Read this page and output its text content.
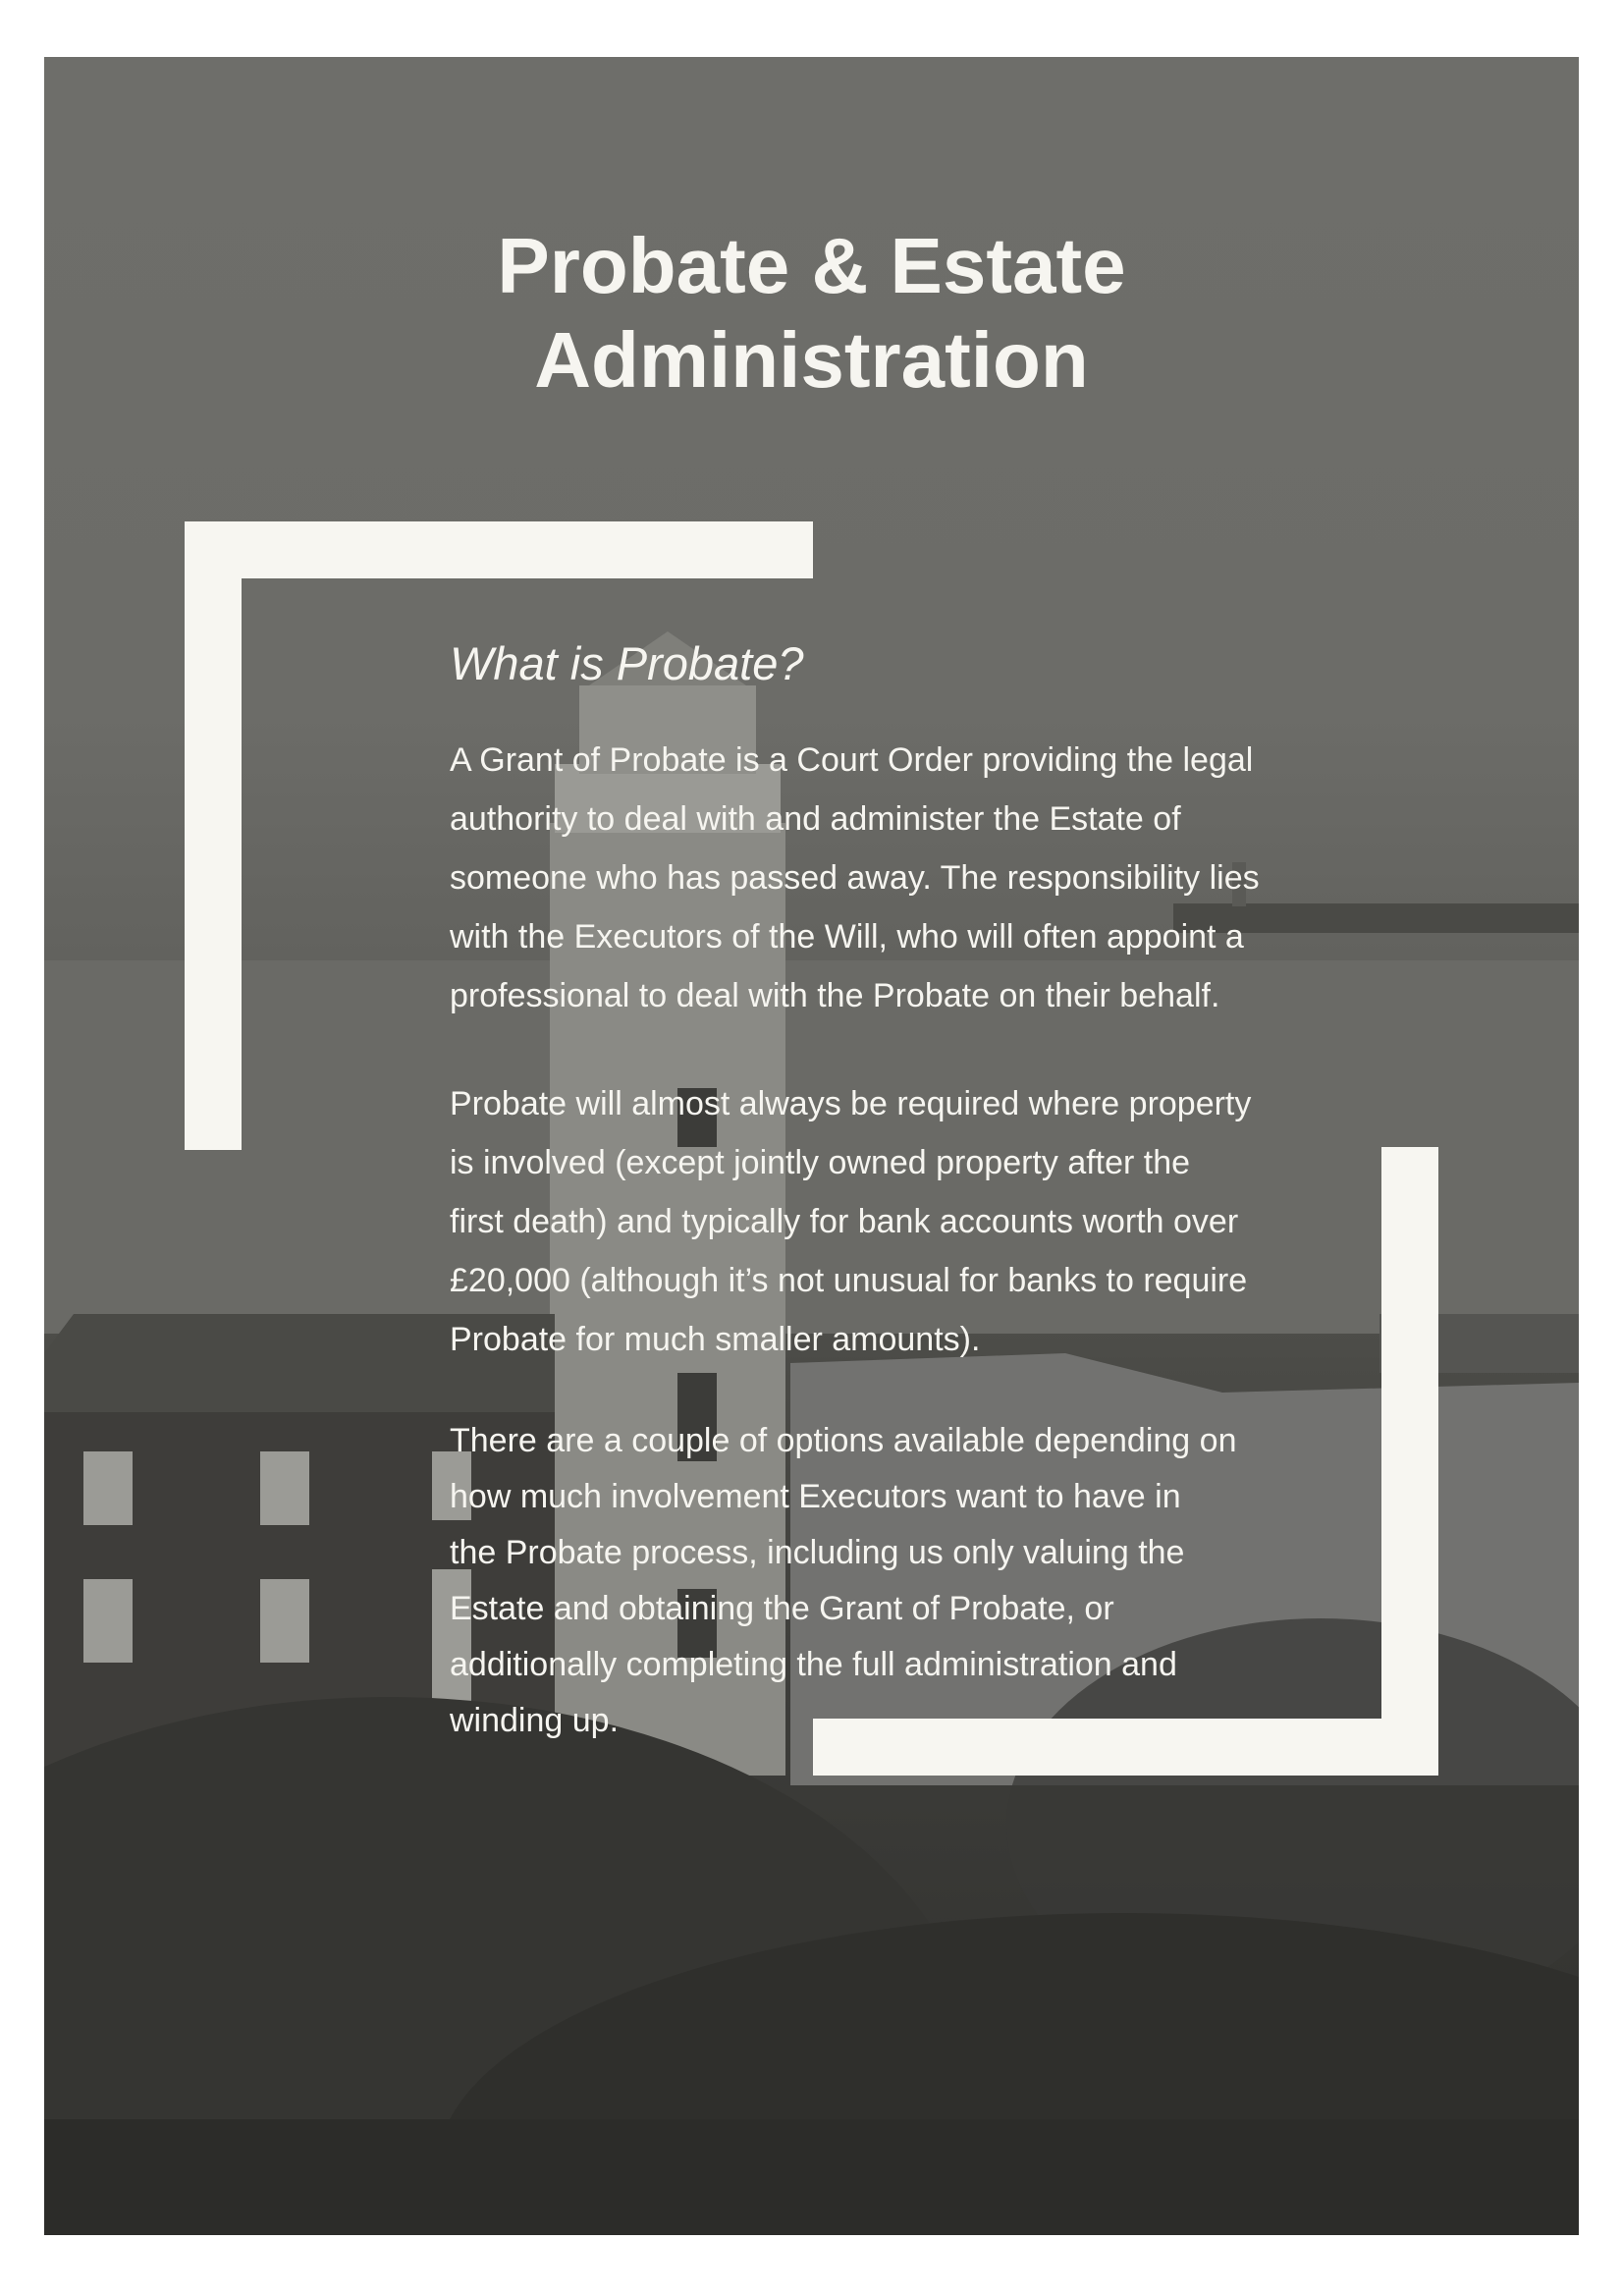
Probate & Estate
Administration
What is Probate?

A Grant of Probate is a Court Order providing the legal
authority to deal with and administer the Estate of
someone who has passed away. The responsibility lies
with the Executors of the Will, who will often appoint a
professional to deal with the Probate on their behalf.

Probate will almost always be required where property
is involved (except jointly owned property after the
first death) and typically for bank accounts worth over
£20,000 (although it’s not unusual for banks to require
Probate for much smaller amounts).

There are a couple of options available depending on
how much involvement Executors want to have in
the Probate process, including us only valuing the
Estate and obtaining the Grant of Probate, or
additionally completing the full administration and
winding up.
